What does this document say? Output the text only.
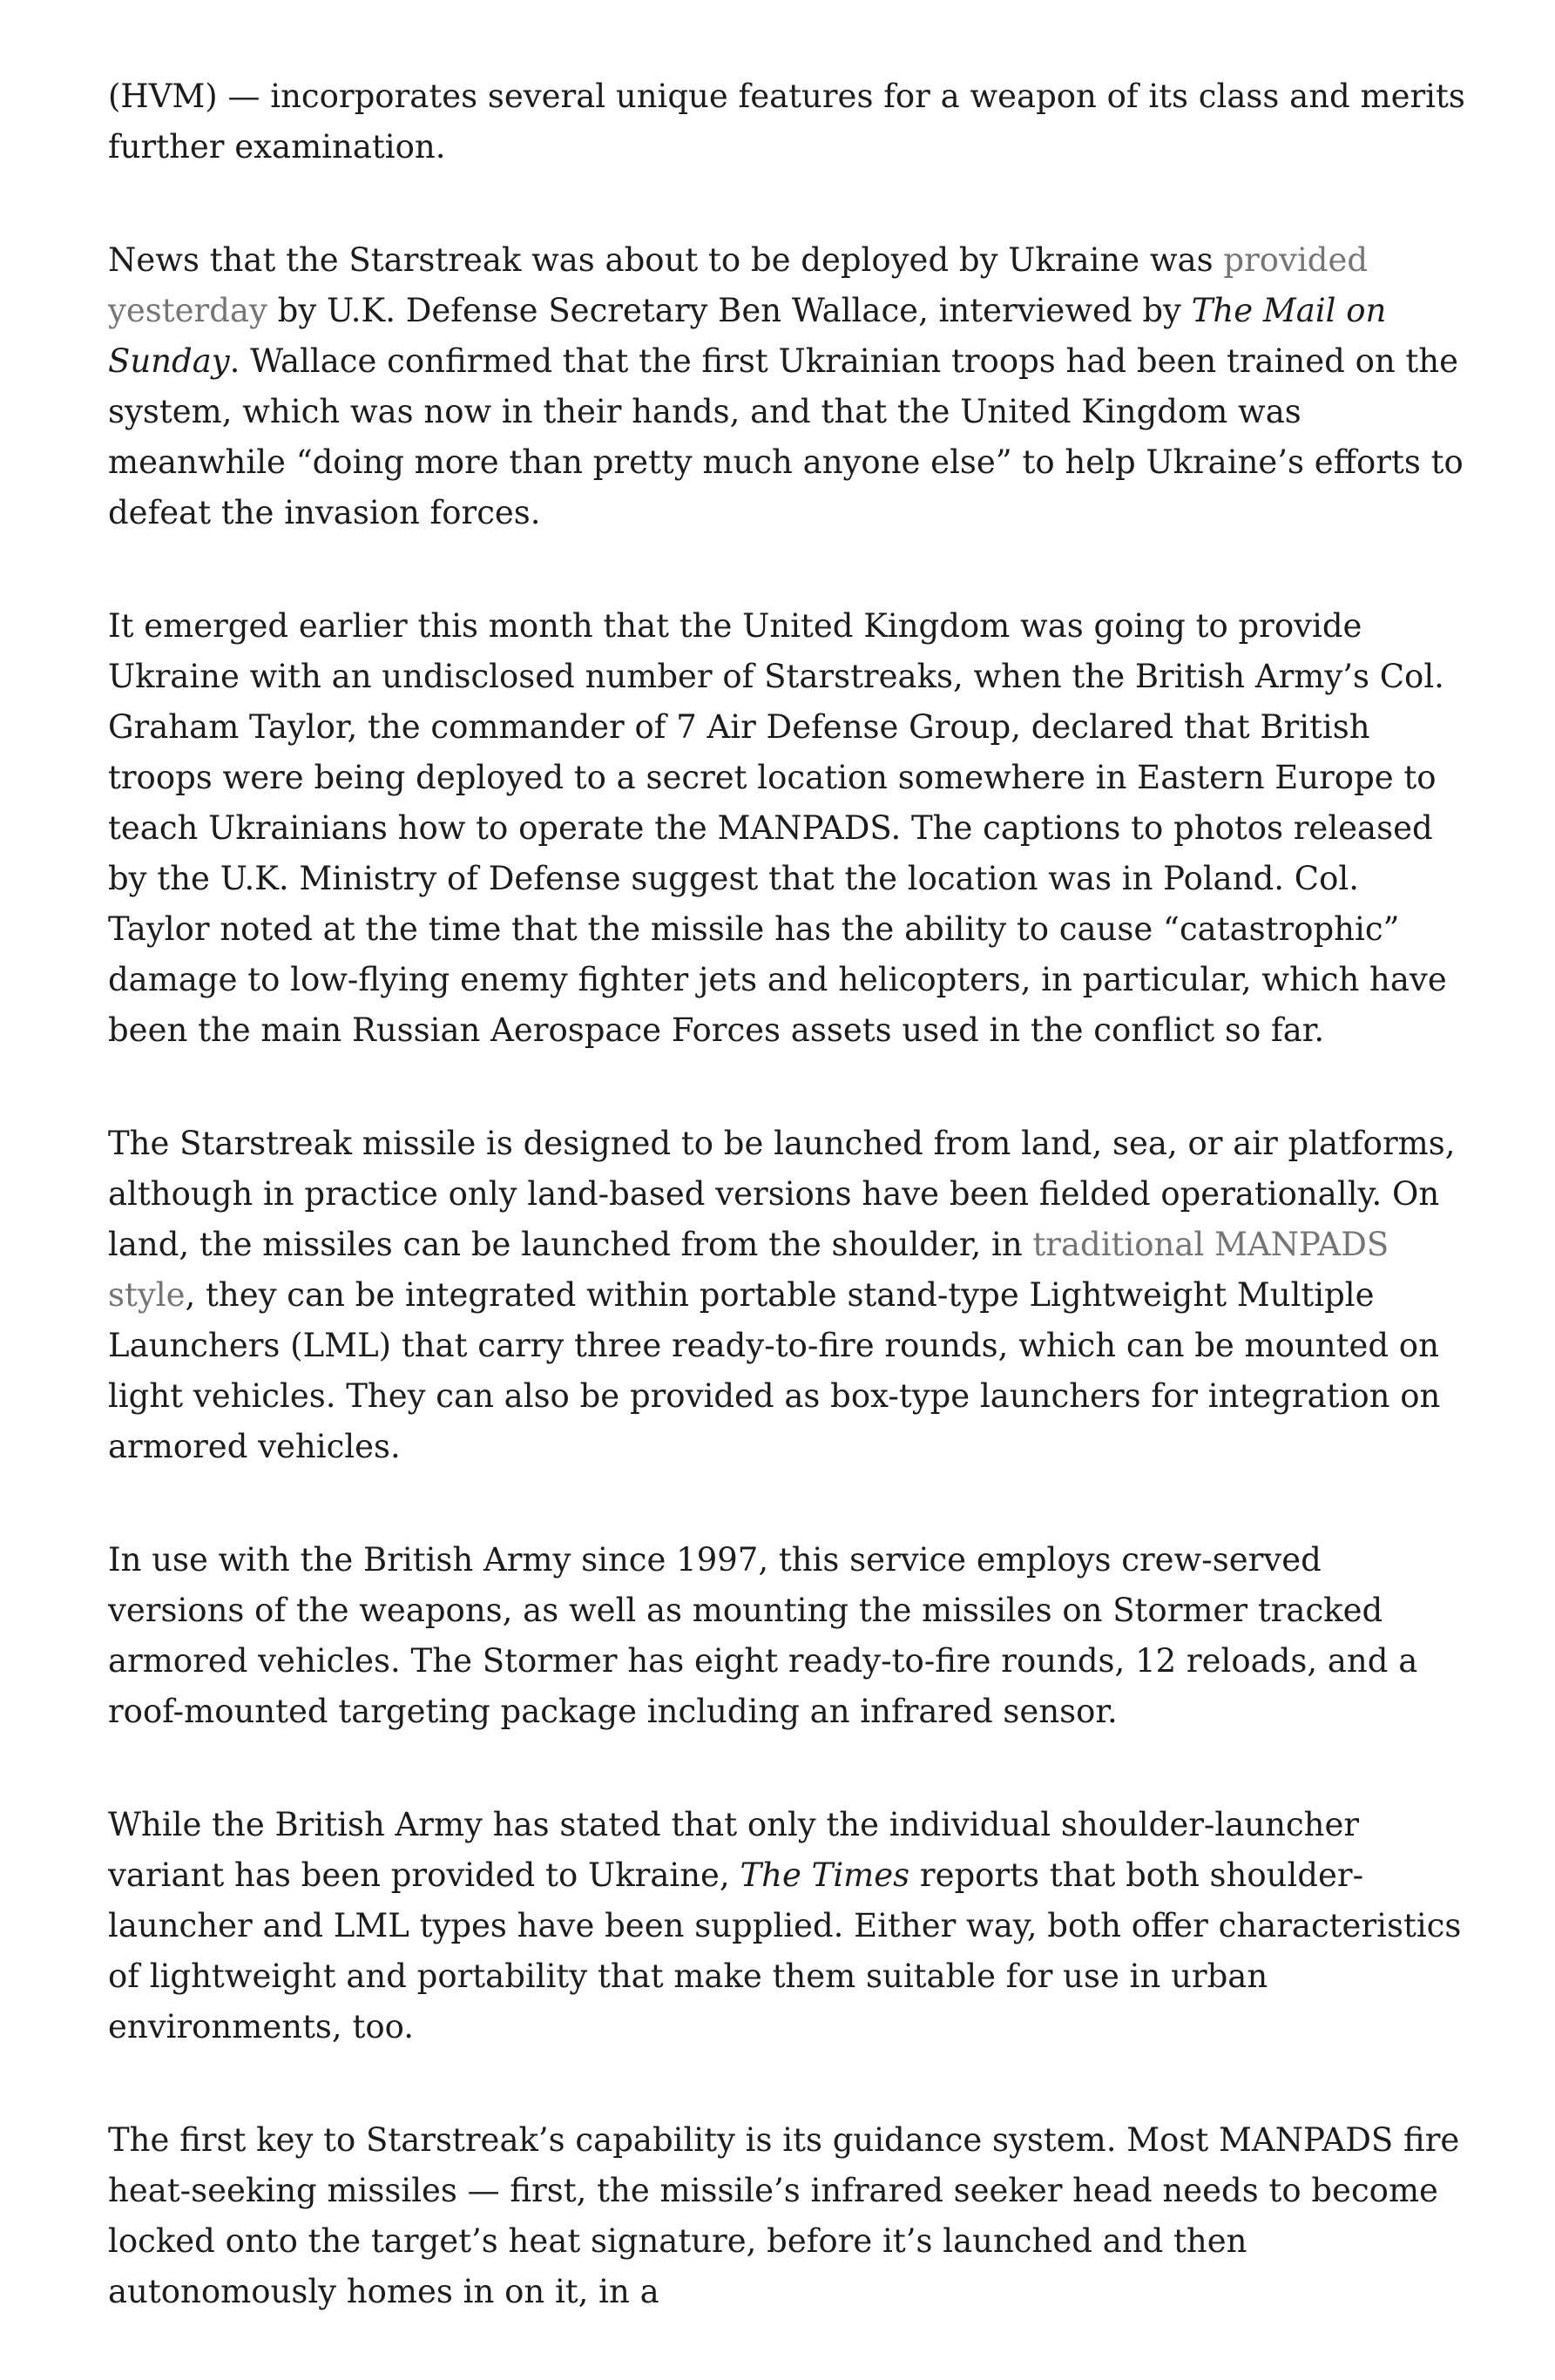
(HVM) — incorporates several unique features for a weapon of its class and merits further examination.

News that the Starstreak was about to be deployed by Ukraine was provided yesterday by U.K. Defense Secretary Ben Wallace, interviewed by The Mail on Sunday. Wallace confirmed that the first Ukrainian troops had been trained on the system, which was now in their hands, and that the United Kingdom was meanwhile “doing more than pretty much anyone else” to help Ukraine’s efforts to defeat the invasion forces.

It emerged earlier this month that the United Kingdom was going to provide Ukraine with an undisclosed number of Starstreaks, when the British Army’s Col. Graham Taylor, the commander of 7 Air Defense Group, declared that British troops were being deployed to a secret location somewhere in Eastern Europe to teach Ukrainians how to operate the MANPADS. The captions to photos released by the U.K. Ministry of Defense suggest that the location was in Poland. Col. Taylor noted at the time that the missile has the ability to cause “catastrophic” damage to low-flying enemy fighter jets and helicopters, in particular, which have been the main Russian Aerospace Forces assets used in the conflict so far.

The Starstreak missile is designed to be launched from land, sea, or air platforms, although in practice only land-based versions have been fielded operationally. On land, the missiles can be launched from the shoulder, in traditional MANPADS style, they can be integrated within portable stand-type Lightweight Multiple Launchers (LML) that carry three ready-to-fire rounds, which can be mounted on light vehicles. They can also be provided as box-type launchers for integration on armored vehicles.

In use with the British Army since 1997, this service employs crew-served versions of the weapons, as well as mounting the missiles on Stormer tracked armored vehicles. The Stormer has eight ready-to-fire rounds, 12 reloads, and a roof-mounted targeting package including an infrared sensor.

While the British Army has stated that only the individual shoulder-launcher variant has been provided to Ukraine, The Times reports that both shoulder-launcher and LML types have been supplied. Either way, both offer characteristics of lightweight and portability that make them suitable for use in urban environments, too.

The first key to Starstreak’s capability is its guidance system. Most MANPADS fire heat-seeking missiles — first, the missile’s infrared seeker head needs to become locked onto the target’s heat signature, before it’s launched and then autonomously homes in on it, in a
